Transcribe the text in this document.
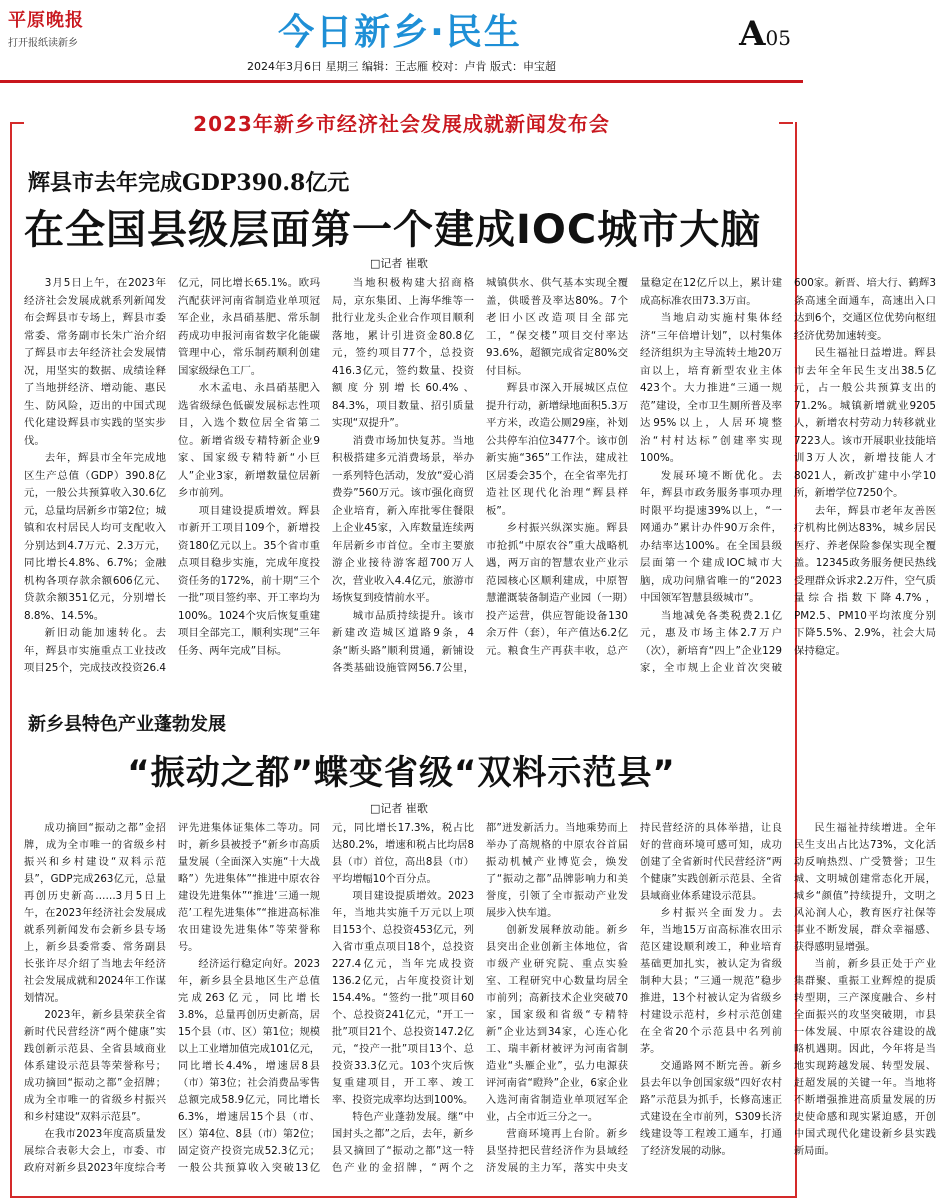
平原晚报
打开报纸读新乡	今日新乡·民生	A05
2024年3月6日 星期三 编辑：王志雁 校对：卢肯 版式：申宝超
2023年新乡市经济社会发展成就新闻发布会
辉县市去年完成GDP390.8亿元
在全国县级层面第一个建成IOC城市大脑
□记者 崔歌

3月5日上午，在2023年经济社会发展成就系列新闻发布会辉县市专场上，辉县市委常委、常务副市长朱广治介绍了辉县市去年经济社会发展情况，用坚实的数据、成绩诠释了当地拼经济、增动能、惠民生、防风险，迈出的中国式现代化建设辉县市实践的坚实步伐。

去年，辉县市全年完成地区生产总值（GDP）390.8亿元，一般公共预算收入30.6亿元，总量均居新乡市第2位；城镇和农村居民人均可支配收入分别达到4.7万元、2.3万元，同比增长4.8%、6.7%；金融机构各项存款余额606亿元、贷款余额351亿元，分别增长8.8%、14.5%。

新旧动能加速转化。去年，辉县市实施重点工业技改项目25个，完成技改投资26.4亿元，同比增长65.1%。欧玛汽配获评河南省制造业单项冠军企业，永昌硝基肥、常乐制药成功申报河南省数字化能碳管理中心，常乐制药顺利创建国家级绿色工厂。

水木孟电、永昌硝基肥入选省级绿色低碳发展标志性项目，入选个数位居全省第二位。新增省级专精特新企业9家、国家级专精特新“小巨人”企业3家，新增数量位居新乡市前列。

项目建设提质增效。辉县市新开工项目109个，新增投资180亿元以上。35个省市重点项目稳步实施，完成年度投资任务的172%，前十期“三个一批”项目签约率、开工率均为100%。1024个灾后恢复重建项目全部完工，顺利实现“三年任务、两年完成”目标。

当地积极构建大招商格局，京东集团、上海华维等一批行业龙头企业合作项目顺利落地，累计引进资金80.8亿元，签约项目77个，总投资416.3亿元，签约数量、投资额度分别增长60.4%、84.3%，项目数量、招引质量实现“双提升”。

消费市场加快复苏。当地积极搭建多元消费场景，举办一系列特色活动，发放“爱心消费券”560万元。该市强化商贸企业培育，新入库批零住餐限上企业45家，入库数量连续两年居新乡市首位。全市主要旅游企业接待游客超700万人次，营业收入4.4亿元，旅游市场恢复到疫情前水平。

城市品质持续提升。该市新建改造城区道路9条，4条“断头路”顺利贯通，新铺设各类基础设施管网56.7公里，城镇供水、供气基本实现全覆盖，供暖普及率达80%。7个老旧小区改造项目全部完工，“保交楼”项目交付率达93.6%，超额完成省定80%交付目标。

辉县市深入开展城区点位提升行动，新增绿地面积5.3万平方米，改造公厕29座，补划公共停车泊位3477个。该市创新实施“365”工作法，建成社区居委会35个，在全省率先打造社区现代化治理“辉县样板”。

乡村振兴纵深实施。辉县市抢抓“中原农谷”重大战略机遇，两万亩的智慧农业产业示范园核心区顺利建成，中原智慧灌溉装备制造产业园（一期）投产运营，供应智能设备130余万件（套），年产值达6.2亿元。粮食生产再获丰收，总产量稳定在12亿斤以上，累计建成高标准农田73.3万亩。

当地启动实施村集体经济“三年倍增计划”，以村集体经济组织为主导流转土地20万亩以上，培育新型农业主体423个。大力推进“三通一规范”建设，全市卫生厕所普及率达95%以上，人居环境整治“村村达标”创建率实现100%。

发展环境不断优化。去年，辉县市政务服务事项办理时限平均提速39%以上，“一网通办”累计办件90万余件，办结率达100%。在全国县级层面第一个建成IOC城市大脑，成功问鼎省唯一的“2023中国领军智慧县级城市”。

当地减免各类税费2.1亿元，惠及市场主体2.7万户（次），新培育“四上”企业129家，全市规上企业首次突破600家。新晋、培大行、鹤辉3条高速全面通车，高速出入口达到6个，交通区位优势向枢纽经济优势加速转变。

民生福祉日益增进。辉县市去年全年民生支出38.5亿元，占一般公共预算支出的71.2%。城镇新增就业9205人，新增农村劳动力转移就业7223人。该市开展职业技能培训3万人次，新增技能人才8021人，新改扩建中小学10所，新增学位7250个。

去年，辉县市老年友善医疗机构比例达83%，城乡居民医疗、养老保险参保实现全覆盖。12345政务服务便民热线受理群众诉求2.2万件，空气质量综合指数下降4.7%，PM2.5、PM10平均浓度分别下降5.5%、2.9%，社会大局保持稳定。

新乡县特色产业蓬勃发展
“振动之都”蝶变省级“双料示范县”
□记者 崔歌

成功摘回“振动之都”金招牌，成为全市唯一的省级乡村振兴和乡村建设“双料示范县”，GDP完成263亿元，总量再创历史新高……3月5日上午，在2023年经济社会发展成就系列新闻发布会新乡县专场上，新乡县委常委、常务副县长张许尽介绍了当地去年经济社会发展成就和2024年工作谋划情况。

2023年，新乡县荣获全省新时代民营经济“两个健康”实践创新示范县、全省县域商业体系建设示范县等荣誉称号；成功摘回“振动之都”金招牌；成为全市唯一的省级乡村振兴和乡村建设“双料示范县”。

在我市2023年度高质量发展综合表彰大会上，市委、市政府对新乡县2023年度综合考评先进集体证集体二等功。同时，新乡县被授予“新乡市高质量发展（全面深入实施“十大战略”）先进集体”“推进中原农谷建设先进集体”“推进‘三通一规范’工程先进集体”“推进高标准农田建设先进集体”等荣誉称号。

经济运行稳定向好。2023年，新乡县全县地区生产总值完成263亿元，同比增长3.8%，总量再创历史新高，居15个县（市、区）第1位；规模以上工业增加值完成101亿元，同比增长4.4%，增速居8县（市）第3位；社会消费品零售总额完成58.9亿元，同比增长6.3%，增速居15个县（市、区）第4位、8县（市）第2位；固定资产投资完成52.3亿元；一般公共预算收入突破13亿元，同比增长17.3%，税占比达80.2%，增速和税占比均居8县（市）首位，高出8县（市）平均增幅10个百分点。

项目建设提质增效。2023年，当地共实施千万元以上项目153个、总投资453亿元，列入省市重点项目18个，总投资227.4亿元，当年完成投资136.2亿元，占年度投资计划154.4%。“签约一批”项目60个、总投资241亿元，“开工一批”项目21个、总投资147.2亿元，“投产一批”项目13个、总投资33.3亿元。103个灾后恢复重建项目，开工率、竣工率、投资完成率均达到100%。

特色产业蓬勃发展。继“中国封头之都”之后，去年，新乡县又摘回了“振动之都”这一特色产业的金招牌，“两个之都”迸发新活力。当地乘势而上举办了高规格的中原农谷首届振动机械产业博览会，焕发了“振动之都”品牌影响力和美誉度，引领了全市振动产业发展步入快车道。

创新发展释放动能。新乡县突出企业创新主体地位，省市级产业研究院、重点实验室、工程研究中心数量均居全市前列；高新技术企业突破70家，国家级和省级“专精特新”企业达到34家，心连心化工、瑞丰新材被评为河南省制造业“头雁企业”，弘力电源获评河南省“瞪羚”企业，6家企业入选河南省制造业单项冠军企业，占全市近三分之一。

营商环境再上台阶。新乡县坚持把民营经济作为县域经济发展的主力军，落实中央支持民营经济的具体举措，让良好的营商环境可感可知，成功创建了全省新时代民营经济“两个健康”实践创新示范县、全省县域商业体系建设示范县。

乡村振兴全面发力。去年，当地15万亩高标准农田示范区建设顺利竣工，种业培育基础更加扎实，被认定为省级制种大县；“三通一规范”稳步推进，13个村被认定为省级乡村建设示范村，乡村示范创建在全省20个示范县中名列前茅。

交通路网不断完善。新乡县去年以争创国家级“四好农村路”示范县为抓手，长修高速正式建设在全市前列，S309长济线建设等工程竣工通车，打通了经济发展的动脉。

民生福祉持续增进。全年民生支出占比达73%，文化活动反响热烈、广受赞誉；卫生城、文明城创建常态化开展，城乡“颜值”持续提升，文明之风沁润人心，教育医疗社保等事业不断发展，群众幸福感、获得感明显增强。

当前，新乡县正处于产业集群聚、重振工业辉煌的提质转型期，三产深度融合、乡村全面振兴的攻坚突破期，市县一体发展、中原农谷建设的战略机遇期。因此，今年将是当地实现跨越发展、转型发展、赶超发展的关键一年。当地将不断增强推进高质量发展的历史使命感和现实紧迫感，开创中国式现代化建设新乡县实践新局面。
